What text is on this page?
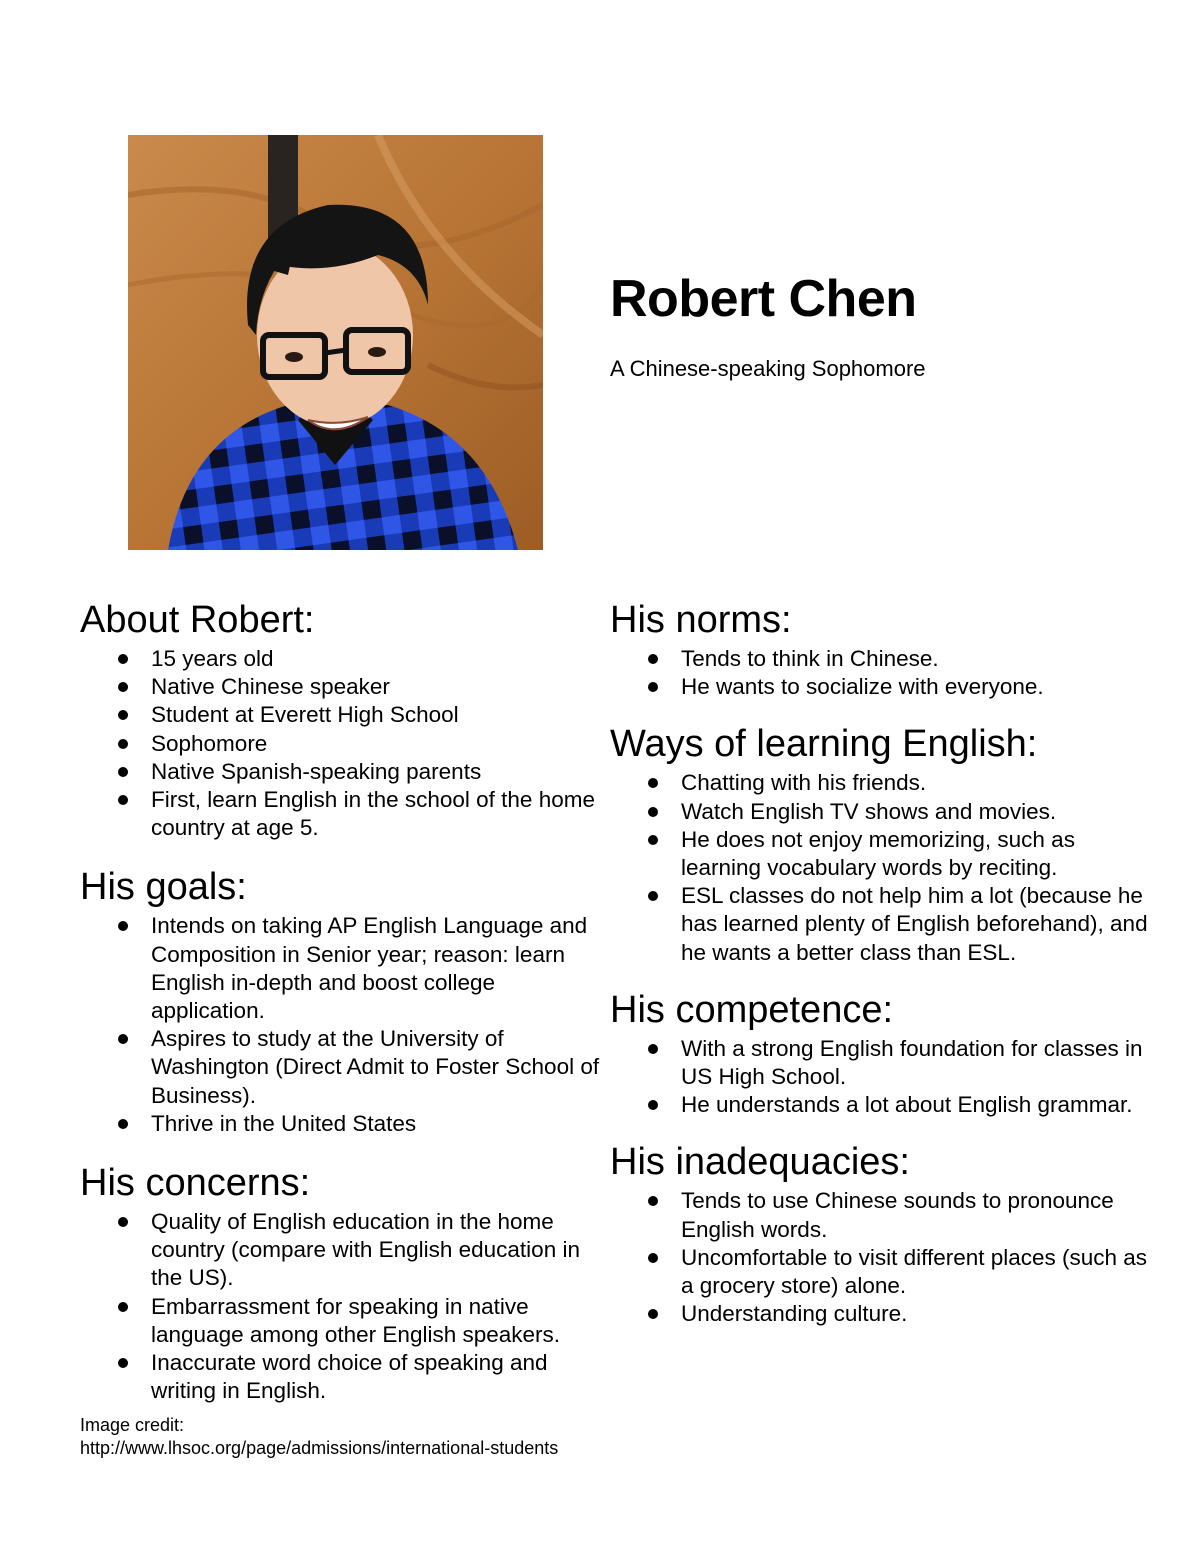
Robert Chen

A Chinese-speaking Sophomore

About Robert:
15 years old
Native Chinese speaker
Student at Everett High School
Sophomore
Native Spanish-speaking parents
First, learn English in the school of the home country at age 5.
His goals:
Intends on taking AP English Language and Composition in Senior year; reason: learn English in-depth and boost college application.
Aspires to study at the University of Washington (Direct Admit to Foster School of Business).
Thrive in the United States
His concerns:
Quality of English education in the home country (compare with English education in the US).
Embarrassment for speaking in native language among other English speakers.
Inaccurate word choice of speaking and writing in English.
His norms:
Tends to think in Chinese.
He wants to socialize with everyone.
Ways of learning English:
Chatting with his friends.
Watch English TV shows and movies.
He does not enjoy memorizing, such as learning vocabulary words by reciting.
ESL classes do not help him a lot (because he has learned plenty of English beforehand), and he wants a better class than ESL.
His competence:
With a strong English foundation for classes in US High School.
He understands a lot about English grammar.
His inadequacies:
Tends to use Chinese sounds to pronounce English words.
Uncomfortable to visit different places (such as a grocery store) alone.
Understanding culture.
Image credit:
http://www.lhsoc.org/page/admissions/international-students
